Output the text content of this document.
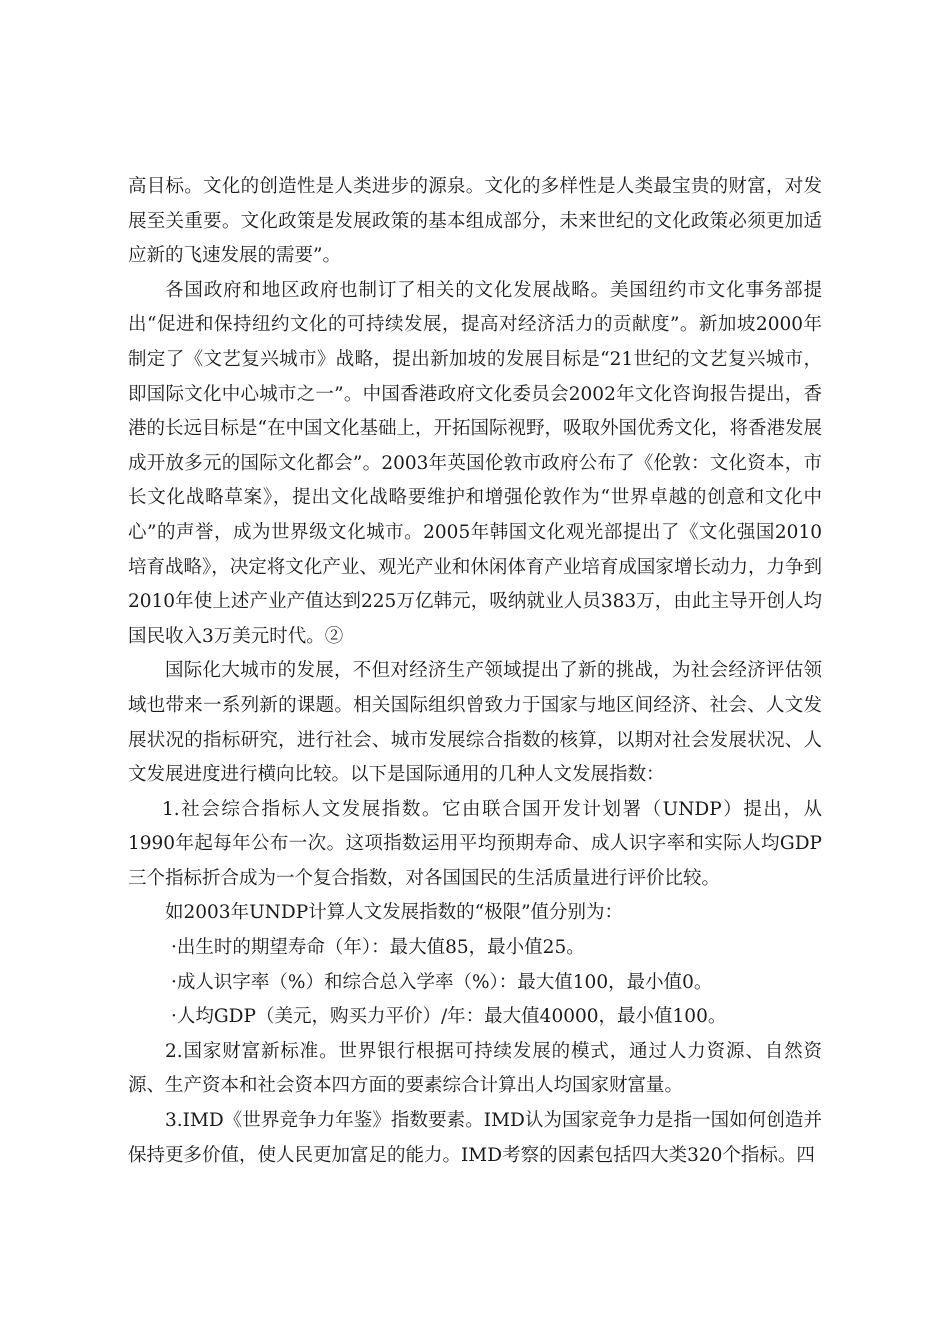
高目标。文化的创造性是人类进步的源泉。文化的多样性是人类最宝贵的财富，对发展至关重要。文化政策是发展政策的基本组成部分，未来世纪的文化政策必须更加适应新的飞速发展的需要”。

各国政府和地区政府也制订了相关的文化发展战略。美国纽约市文化事务部提出“促进和保持纽约文化的可持续发展，提高对经济活力的贡献度”。新加坡2000年制定了《文艺复兴城市》战略，提出新加坡的发展目标是“21世纪的文艺复兴城市，即国际文化中心城市之一”。中国香港政府文化委员会2002年文化咨询报告提出，香港的长远目标是“在中国文化基础上，开拓国际视野，吸取外国优秀文化，将香港发展成开放多元的国际文化都会”。2003年英国伦敦市政府公布了《伦敦：文化资本，市长文化战略草案》，提出文化战略要维护和增强伦敦作为“世界卓越的创意和文化中心”的声誉，成为世界级文化城市。2005年韩国文化观光部提出了《文化强国2010培育战略》，决定将文化产业、观光产业和休闲体育产业培育成国家增长动力，力争到2010年使上述产业产值达到225万亿韩元，吸纳就业人员383万，由此主导开创人均国民收入3万美元时代。②

国际化大城市的发展，不但对经济生产领域提出了新的挑战，为社会经济评估领域也带来一系列新的课题。相关国际组织曾致力于国家与地区间经济、社会、人文发展状况的指标研究，进行社会、城市发展综合指数的核算，以期对社会发展状况、人文发展进度进行横向比较。以下是国际通用的几种人文发展指数：

1.社会综合指标人文发展指数。它由联合国开发计划署（UNDP）提出，从1990年起每年公布一次。这项指数运用平均预期寿命、成人识字率和实际人均GDP三个指标折合成为一个复合指数，对各国国民的生活质量进行评价比较。

如2003年UNDP计算人文发展指数的“极限”值分别为：

·出生时的期望寿命（年）：最大值85，最小值25。

·成人识字率（%）和综合总入学率（%）：最大值100，最小值0。

·人均GDP（美元，购买力平价）/年：最大值40000，最小值100。

2.国家财富新标准。世界银行根据可持续发展的模式，通过人力资源、自然资源、生产资本和社会资本四方面的要素综合计算出人均国家财富量。

3.IMD《世界竞争力年鉴》指数要素。IMD认为国家竞争力是指一国如何创造并保持更多价值，使人民更加富足的能力。IMD考察的因素包括四大类320个指标。四
